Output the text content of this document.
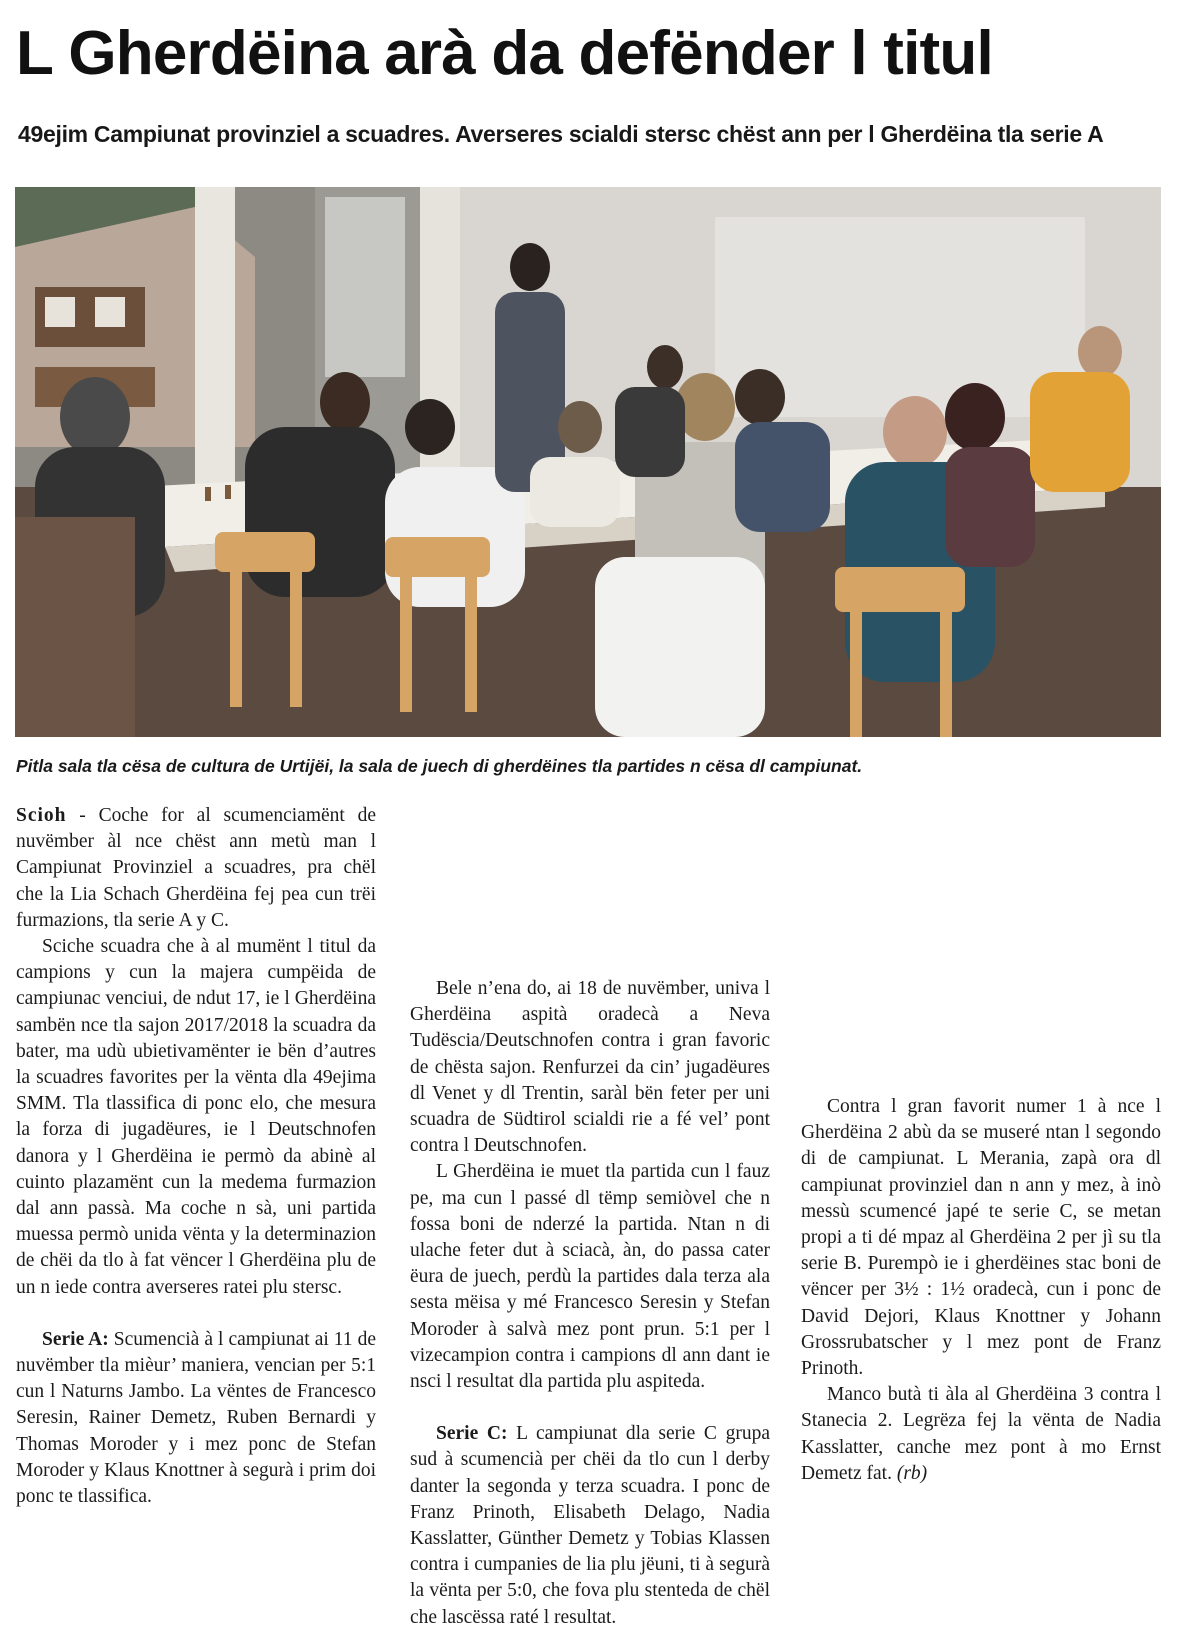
L Gherdëina arà da defënder l titul
49ejim Campiunat provinziel a scuadres. Averseres scialdi stersc chëst ann per l Gherdëina tla serie A
Pitla sala tla cësa de cultura de Urtijëi, la sala de juech di gherdëines tla partides n cësa dl campiunat.

Scioh - Coche for al scumenciamënt de nuvëmber àl nce chëst ann metù man l Campiunat Provinziel a scuadres, pra chël che la Lia Schach Gherdëina fej pea cun trëi furmazions, tla serie A y C.

Sciche scuadra che à al mumënt l titul da campions y cun la majera cumpëida de campiunac venciui, de ndut 17, ie l Gherdëina sambën nce tla sajon 2017/2018 la scuadra da bater, ma udù ubietivamënter ie bën d’autres la scuadres favorites per la vënta dla 49ejima SMM. Tla tlassifica di ponc elo, che mesura la forza di jugadëures, ie l Deutschnofen danora y l Gherdëina ie permò da abinè al cuinto plazamënt cun la medema furmazion dal ann passà. Ma coche n sà, uni partida muessa permò unida vënta y la determinazion de chëi da tlo à fat vëncer l Gherdëina plu de un n iede contra averseres ratei plu stersc.

Serie A: Scumencià à l campiunat ai 11 de nuvëmber tla mièur’ maniera, vencian per 5:1 cun l Naturns Jambo. La vëntes de Francesco Seresin, Rainer Demetz, Ruben Bernardi y Thomas Moroder y i mez ponc de Stefan Moroder y Klaus Knottner à segurà i prim doi ponc te tlassifica.

Bele n’ena do, ai 18 de nuvëmber, univa l Gherdëina aspità oradecà a Neva Tudëscia/Deutschnofen contra i gran favoric de chësta sajon. Renfurzei da cin’ jugadëures dl Venet y dl Trentin, saràl bën feter per uni scuadra de Südtirol scialdi rie a fé vel’ pont contra l Deutschnofen.

L Gherdëina ie muet tla partida cun l fauz pe, ma cun l passé dl tëmp semiòvel che n fossa boni de nderzé la partida. Ntan n di ulache feter dut à sciacà, àn, do passa cater ëura de juech, perdù la partides dala terza ala sesta mëisa y mé Francesco Seresin y Stefan Moroder à salvà mez pont prun. 5:1 per l vizecampion contra i campions dl ann dant ie nsci l resultat dla partida plu aspiteda.

Serie C: L campiunat dla serie C grupa sud à scumencià per chëi da tlo cun l derby danter la segonda y terza scuadra. I ponc de Franz Prinoth, Elisabeth Delago, Nadia Kasslatter, Günther Demetz y Tobias Klassen contra i cumpanies de lia plu jëuni, ti à segurà la vënta per 5:0, che fova plu stenteda de chël che lascëssa raté l resultat.

Contra l gran favorit numer 1 à nce l Gherdëina 2 abù da se museré ntan l segondo di de campiunat. L Merania, zapà ora dl campiunat provinziel dan n ann y mez, à inò messù scumencé japé te serie C, se metan propi a ti dé mpaz al Gherdëina 2 per jì su tla serie B. Purempò ie i gherdëines stac boni de vëncer per 3½ : 1½ oradecà, cun i ponc de David Dejori, Klaus Knottner y Johann Grossrubatscher y l mez pont de Franz Prinoth.

Manco butà ti àla al Gherdëina 3 contra l Stanecia 2. Legrëza fej la vënta de Nadia Kasslatter, canche mez pont à mo Ernst Demetz fat. (rb)
